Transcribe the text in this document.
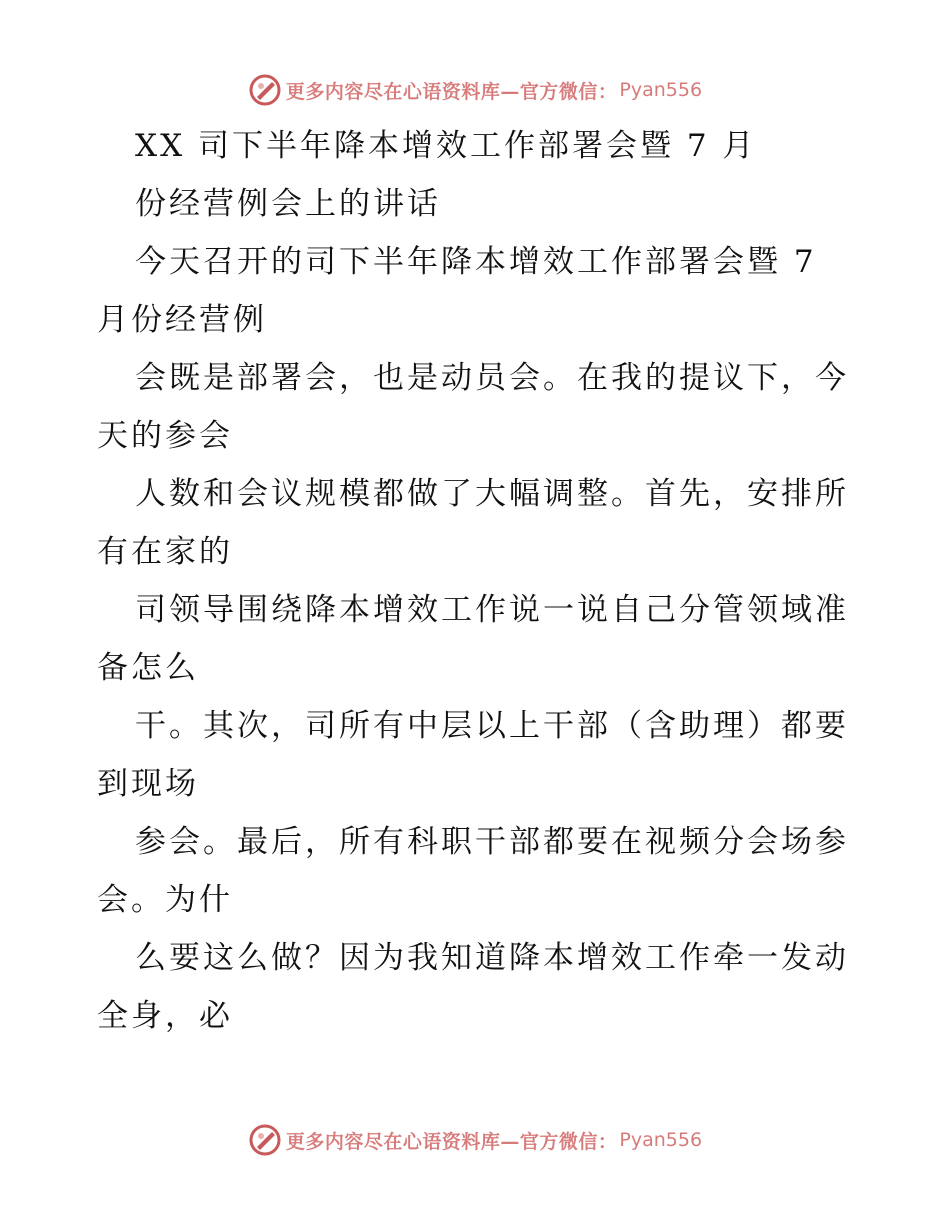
更多内容尽在心语资料库—官方微信： Pyan556
XX 司下半年降本增效工作部署会暨 7 月
份经营例会上的讲话
今天召开的司下半年降本增效工作部署会暨 7
月份经营例
会既是部署会，也是动员会。在我的提议下，今
天的参会
人数和会议规模都做了大幅调整。首先，安排所
有在家的
司领导围绕降本增效工作说一说自己分管领域准
备怎么
干。其次，司所有中层以上干部（含助理）都要
到现场
参会。最后，所有科职干部都要在视频分会场参
会。为什
么要这么做？因为我知道降本增效工作牵一发动
全身，必
更多内容尽在心语资料库—官方微信： Pyan556
